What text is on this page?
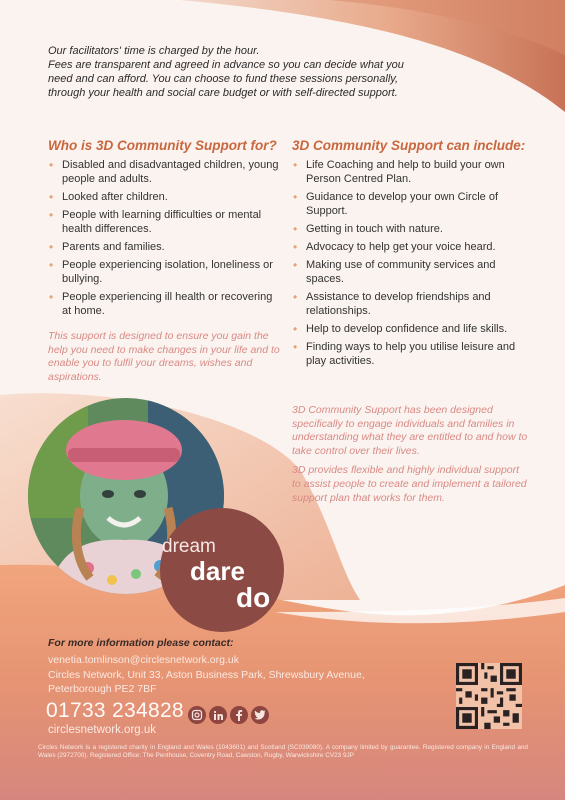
Our facilitators' time is charged by the hour.

Fees are transparent and agreed in advance so you can decide what you need and can afford. You can choose to fund these sessions personally, through your health and social care budget or with self-directed support.

Who is 3D Community Support for?
• Disabled and disadvantaged children, young people and adults.
• Looked after children.
• People with learning difficulties or mental health differences.
• Parents and families.
• People experiencing isolation, loneliness or bullying.
• People experiencing ill health or recovering at home.

This support is designed to ensure you gain the help you need to make changes in your life and to enable you to fulfil your dreams, wishes and aspirations.

3D Community Support can include:
• Life Coaching and help to build your own Person Centred Plan.
• Guidance to develop your own Circle of Support.
• Getting in touch with nature.
• Advocacy to help get your voice heard.
• Making use of community services and spaces.
• Assistance to develop friendships and relationships.
• Help to develop confidence and life skills.
• Finding ways to help you utilise leisure and play activities.

3D Community Support has been designed specifically to engage individuals and families in understanding what they are entitled to and how to take control over their lives.

3D provides flexible and highly individual support to assist people to create and implement a tailored support plan that works for them.

dream
dare
do
For more information please contact:
venetia.tomlinson@circlesnetwork.org.uk
Circles Network, Unit 33, Aston Business Park, Shrewsbury Avenue,
Peterborough PE2 7BF
01733 234828
circlesnetwork.org.uk
Circles Network is a registered charity in England and Wales (1043601) and Scotland (SC039080). A company limited by guarantee. Registered company in England and Wales (2972700). Registered Office: The Penthouse, Coventry Road, Cawston, Rugby, Warwickshire CV23 9JP
